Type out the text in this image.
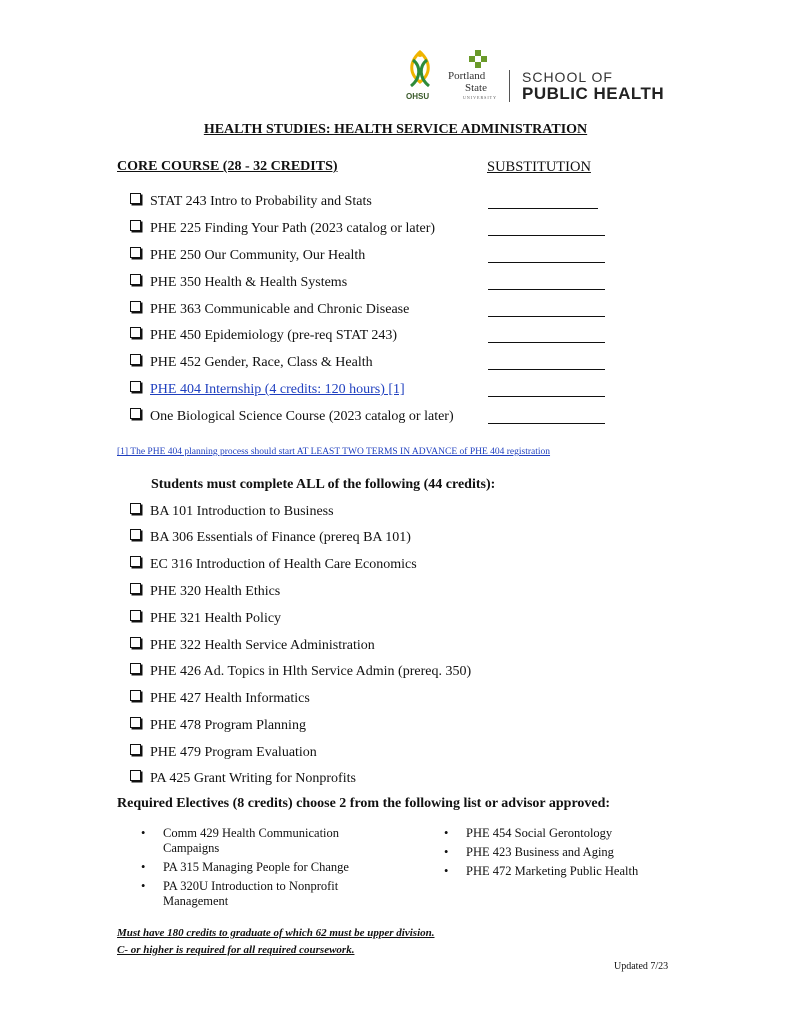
OHSU
Portland
State
UNIVERSITY
SCHOOL OF
PUBLIC HEALTH
HEALTH STUDIES: HEALTH SERVICE ADMINISTRATION
CORE COURSE (28 - 32 CREDITS)	SUBSTITUTION
STAT 243 Intro to Probability and Stats
PHE 225 Finding Your Path (2023 catalog or later)
PHE 250 Our Community, Our Health
PHE 350 Health & Health Systems
PHE 363 Communicable and Chronic Disease
PHE 450 Epidemiology (pre-req STAT 243)
PHE 452 Gender, Race, Class & Health
PHE 404 Internship (4 credits: 120 hours) [1]
One Biological Science Course (2023 catalog or later)
[1] The PHE 404 planning process should start AT LEAST TWO TERMS IN ADVANCE of PHE 404 registration
Students must complete ALL of the following (44 credits):
BA 101 Introduction to Business
BA 306 Essentials of Finance (prereq BA 101)
EC 316 Introduction of Health Care Economics
PHE 320 Health Ethics
PHE 321 Health Policy
PHE 322 Health Service Administration
PHE 426 Ad. Topics in Hlth Service Admin (prereq. 350)
PHE 427 Health Informatics
PHE 478 Program Planning
PHE 479 Program Evaluation
PA 425 Grant Writing for Nonprofits
Required Electives (8 credits) choose 2 from the following list or advisor approved:
• Comm 429 Health Communication
Campaigns
• PA 315 Managing People for Change
• PA 320U Introduction to Nonprofit
Management
• PHE 454 Social Gerontology
• PHE 423 Business and Aging
• PHE 472 Marketing Public Health
Must have 180 credits to graduate of which 62 must be upper division.
C- or higher is required for all required coursework.
Updated 7/23
